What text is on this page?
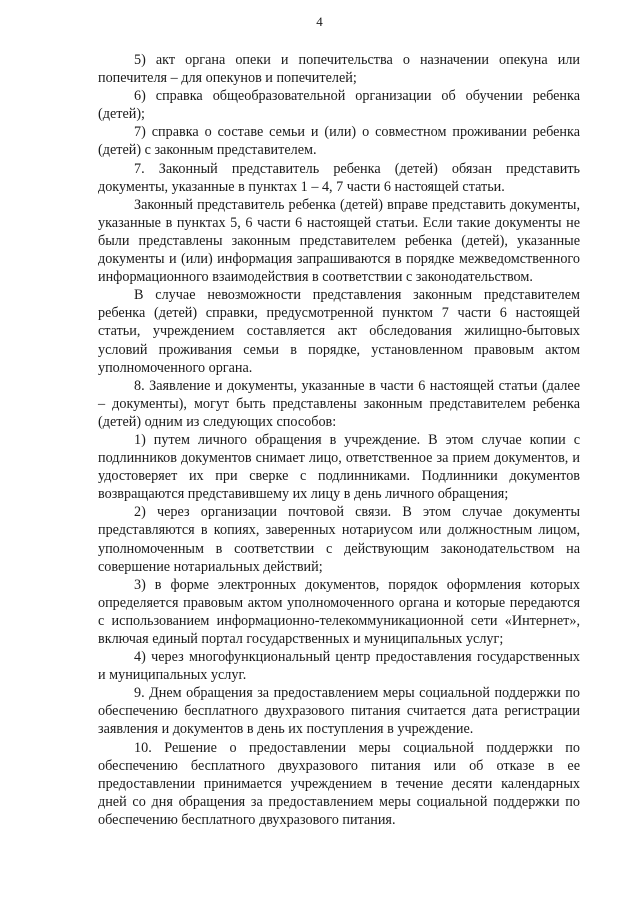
4

5) акт органа опеки и попечительства о назначении опекуна или попечителя – для опекунов и попечителей;

6) справка общеобразовательной организации об обучении ребенка (детей);

7) справка о составе семьи и (или) о совместном проживании ребенка (детей) с законным представителем.

7. Законный представитель ребенка (детей) обязан представить документы, указанные в пунктах 1 – 4, 7 части 6 настоящей статьи.

Законный представитель ребенка (детей) вправе представить документы, указанные в пунктах 5, 6 части 6 настоящей статьи. Если такие документы не были представлены законным представителем ребенка (детей), указанные документы и (или) информация запрашиваются в порядке межведомственного информационного взаимодействия в соответствии с законодательством.

В случае невозможности представления законным представителем ребенка (детей) справки, предусмотренной пунктом 7 части 6 настоящей статьи, учреждением составляется акт обследования жилищно-бытовых условий проживания семьи в порядке, установленном правовым актом уполномоченного органа.

8. Заявление и документы, указанные в части 6 настоящей статьи (далее – документы), могут быть представлены законным представителем ребенка (детей) одним из следующих способов:

1) путем личного обращения в учреждение. В этом случае копии с подлинников документов снимает лицо, ответственное за прием документов, и удостоверяет их при сверке с подлинниками. Подлинники документов возвращаются представившему их лицу в день личного обращения;

2) через организации почтовой связи. В этом случае документы представляются в копиях, заверенных нотариусом или должностным лицом, уполномоченным в соответствии с действующим законодательством на совершение нотариальных действий;

3) в форме электронных документов, порядок оформления которых определяется правовым актом уполномоченного органа и которые передаются с использованием информационно-телекоммуникационной сети «Интернет», включая единый портал государственных и муниципальных услуг;

4) через многофункциональный центр предоставления государственных и муниципальных услуг.

9. Днем обращения за предоставлением меры социальной поддержки по обеспечению бесплатного двухразового питания считается дата регистрации заявления и документов в день их поступления в учреждение.

10. Решение о предоставлении меры социальной поддержки по обеспечению бесплатного двухразового питания или об отказе в ее предоставлении принимается учреждением в течение десяти календарных дней со дня обращения за предоставлением меры социальной поддержки по обеспечению бесплатного двухразового питания.
